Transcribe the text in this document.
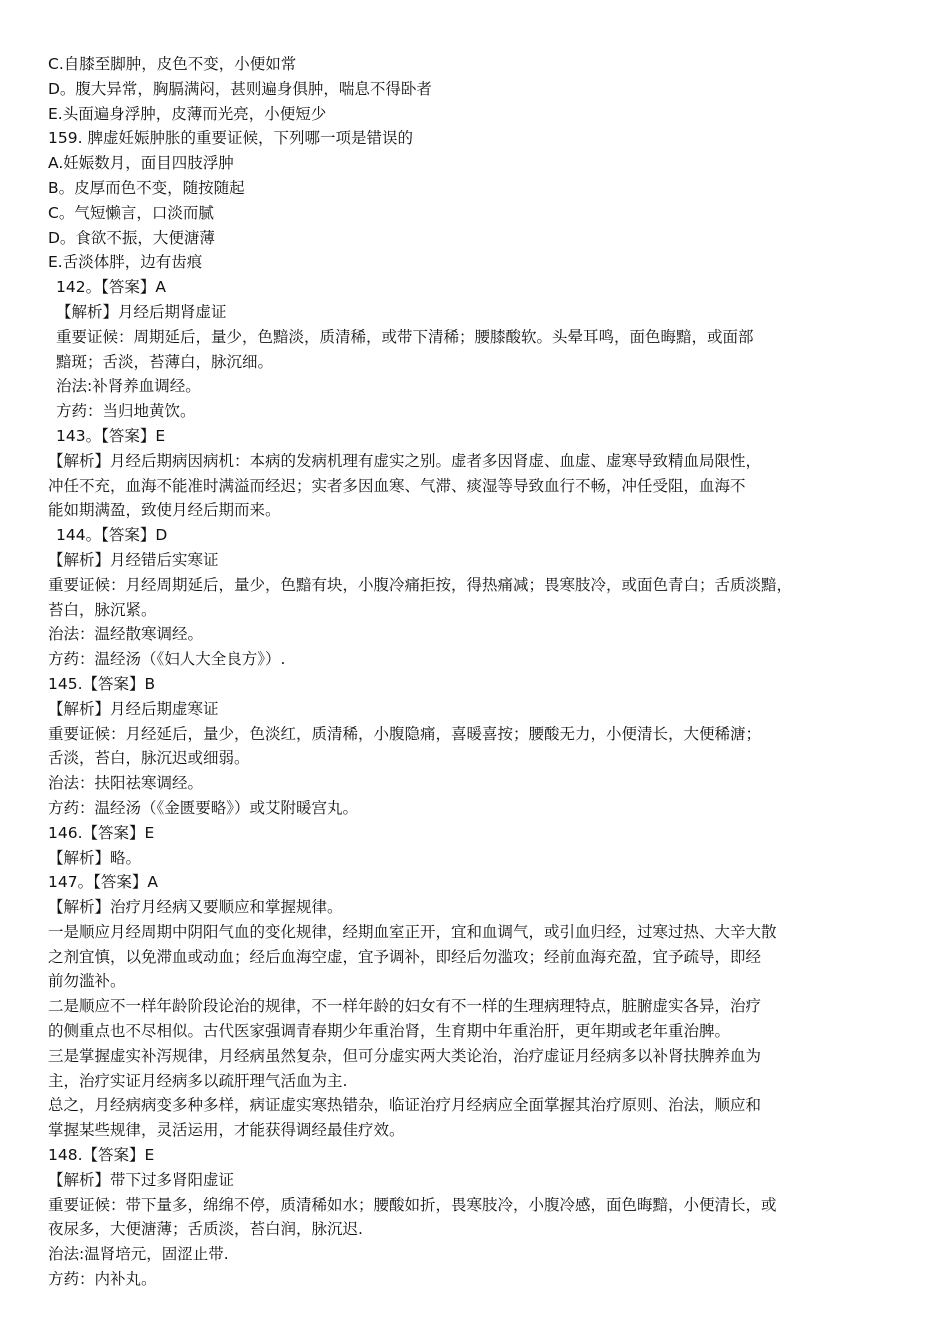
C.自膝至脚肿，皮色不变，小便如常
D。腹大异常，胸膈满闷，甚则遍身俱肿，喘息不得卧者
E.头面遍身浮肿，皮薄而光亮，小便短少
159. 脾虚妊娠肿胀的重要证候，下列哪一项是错误的
A.妊娠数月，面目四肢浮肿
B。皮厚而色不变，随按随起
C。气短懒言，口淡而腻
D。食欲不振，大便溏薄
E.舌淡体胖，边有齿痕
142。【答案】A
【解析】月经后期肾虚证
重要证候：周期延后，量少，色黯淡，质清稀，或带下清稀；腰膝酸软。头晕耳鸣，面色晦黯，或面部
黯斑；舌淡，苔薄白，脉沉细。
治法:补肾养血调经。
方药：当归地黄饮。
143。【答案】E
【解析】月经后期病因病机：本病的发病机理有虚实之别。虚者多因肾虚、血虚、虚寒导致精血局限性，
冲任不充，血海不能准时满溢而经迟；实者多因血寒、气滞、痰湿等导致血行不畅，冲任受阻，血海不
能如期满盈，致使月经后期而来。
144。【答案】D
【解析】月经错后实寒证
重要证候：月经周期延后，量少，色黯有块，小腹冷痛拒按，得热痛减；畏寒肢冷，或面色青白；舌质淡黯，
苔白，脉沉紧。
治法：温经散寒调经。
方药：温经汤（《妇人大全良方》）.
145.【答案】B
【解析】月经后期虚寒证
重要证候：月经延后，量少，色淡红，质清稀，小腹隐痛，喜暖喜按；腰酸无力，小便清长，大便稀溏；
舌淡，苔白，脉沉迟或细弱。
治法：扶阳祛寒调经。
方药：温经汤（《金匮要略》）或艾附暖宫丸。
146.【答案】E
【解析】略。
147。【答案】A
【解析】治疗月经病又要顺应和掌握规律。
一是顺应月经周期中阴阳气血的变化规律，经期血室正开，宜和血调气，或引血归经，过寒过热、大辛大散
之剂宜慎，以免滞血或动血；经后血海空虚，宜予调补，即经后勿滥攻；经前血海充盈，宜予疏导，即经
前勿滥补。
二是顺应不一样年龄阶段论治的规律，不一样年龄的妇女有不一样的生理病理特点，脏腑虚实各异，治疗
的侧重点也不尽相似。古代医家强调青春期少年重治肾，生育期中年重治肝，更年期或老年重治脾。
三是掌握虚实补泻规律，月经病虽然复杂，但可分虚实两大类论治，治疗虚证月经病多以补肾扶脾养血为
主，治疗实证月经病多以疏肝理气活血为主.
总之，月经病病变多种多样，病证虚实寒热错杂，临证治疗月经病应全面掌握其治疗原则、治法，顺应和
掌握某些规律，灵活运用，才能获得调经最佳疗效。
148.【答案】E
【解析】带下过多肾阳虚证
重要证候：带下量多，绵绵不停，质清稀如水；腰酸如折，畏寒肢冷，小腹冷感，面色晦黯，小便清长，或
夜尿多，大便溏薄；舌质淡，苔白润，脉沉迟.
治法:温肾培元，固涩止带.
方药：内补丸。
